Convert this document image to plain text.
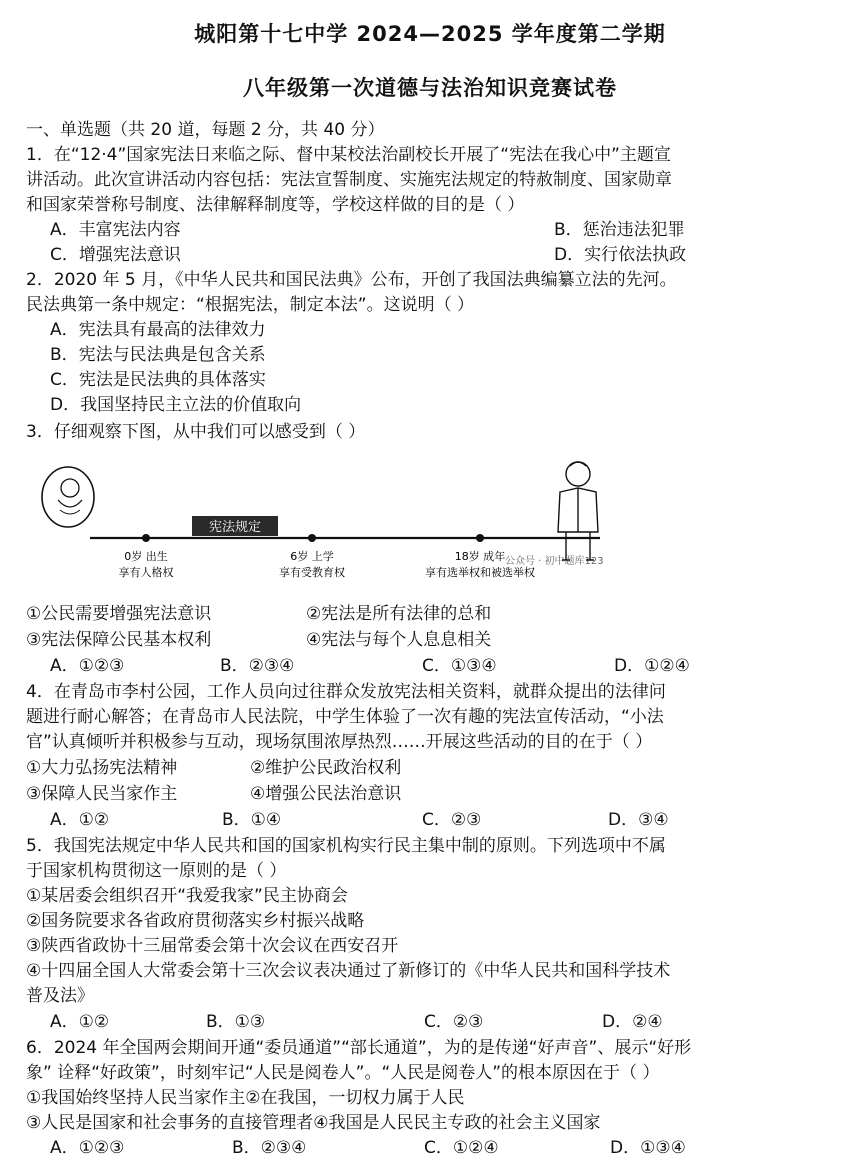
城阳第十七中学 2024—2025 学年度第二学期
八年级第一次道德与法治知识竞赛试卷
一、单选题（共 20 道，每题 2 分，共 40 分）
1．在“12·4”国家宪法日来临之际、督中某校法治副校长开展了“宪法在我心中”主题宣
讲活动。此次宣讲活动内容包括：宪法宣誓制度、实施宪法规定的特赦制度、国家勋章
和国家荣誉称号制度、法律解释制度等，学校这样做的目的是（ ）
A．丰富宪法内容	B．惩治违法犯罪
C．增强宪法意识	D．实行依法执政
2．2020 年 5 月，《中华人民共和国民法典》公布，开创了我国法典编纂立法的先河。
民法典第一条中规定：“根据宪法，制定本法”。这说明（ ）
A．宪法具有最高的法律效力
B．宪法与民法典是包含关系
C．宪法是民法典的具体落实
D．我国坚持民主立法的价值取向
3．仔细观察下图，从中我们可以感受到（ ）
宪法规定
0岁 出生
享有人格权
6岁 上学
享有受教育权
18岁 成年
享有选举权和被选举权
公众号 · 初中题库123
①公民需要增强宪法意识	②宪法是所有法律的总和
③宪法保障公民基本权利	④宪法与每个人息息相关
A．①②③	B．②③④	C．①③④	D．①②④
4．在青岛市李村公园，工作人员向过往群众发放宪法相关资料，就群众提出的法律问
题进行耐心解答；在青岛市人民法院，中学生体验了一次有趣的宪法宣传活动，“小法
官”认真倾听并积极参与互动，现场氛围浓厚热烈……开展这些活动的目的在于（ ）
①大力弘扬宪法精神	②维护公民政治权利
③保障人民当家作主	④增强公民法治意识
A．①②	B．①④	C．②③	D．③④
5．我国宪法规定中华人民共和国的国家机构实行民主集中制的原则。下列选项中不属
于国家机构贯彻这一原则的是（ ）
①某居委会组织召开“我爱我家”民主协商会
②国务院要求各省政府贯彻落实乡村振兴战略
③陕西省政协十三届常委会第十次会议在西安召开
④十四届全国人大常委会第十三次会议表决通过了新修订的《中华人民共和国科学技术
普及法》
A．①②	B．①③	C．②③	D．②④
6．2024 年全国两会期间开通“委员通道”“部长通道”，为的是传递“好声音”、展示“好形
象” 诠释“好政策”，时刻牢记“人民是阅卷人”。“人民是阅卷人”的根本原因在于（ ）
①我国始终坚持人民当家作主②在我国，一切权力属于人民
③人民是国家和社会事务的直接管理者④我国是人民民主专政的社会主义国家
A．①②③	B．②③④	C．①②④	D．①③④
